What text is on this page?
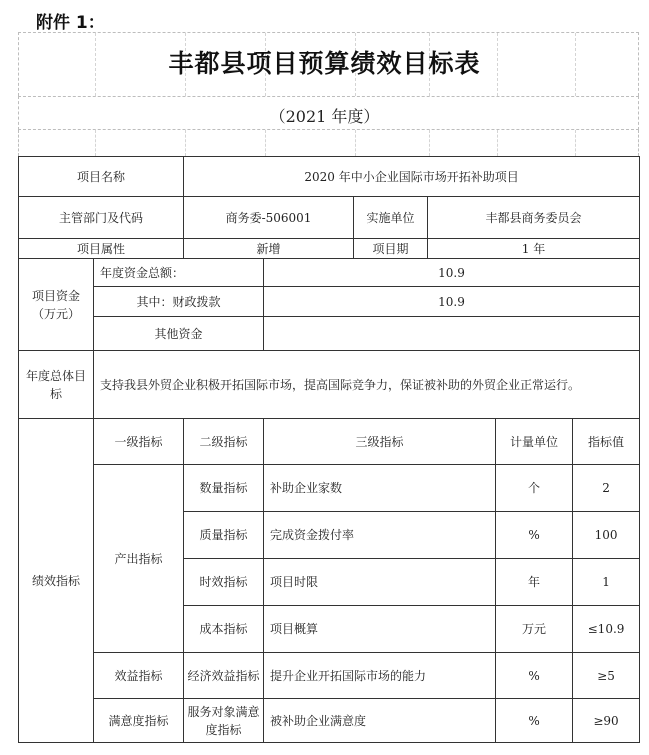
附件 1：
丰都县项目预算绩效目标表
（2021 年度）
项目名称		2020 年中小企业国际市场开拓补助项目					
主管部门及代码		商务委-506001		实施单位	丰都县商务委员会		
项目属性		新增		项目期	1 年		
项目资金（万元）	年度资金总额：		10.9				
	其中：财政拨款		10.9				
	其他资金						
年度总体目标	支持我县外贸企业积极开拓国际市场，提高国际竞争力，保证被补助的外贸企业正常运行。						
绩效指标	一级指标	二级指标	三级指标			计量单位	指标值
	产出指标	数量指标	补助企业家数			个	2
		质量指标	完成资金拨付率			%	100
		时效指标	项目时限			年	1
		成本指标	项目概算			万元	≤10.9
	效益指标	经济效益指标	提升企业开拓国际市场的能力			%	≥5
	满意度指标	服务对象满意度指标	被补助企业满意度			%	≥90
